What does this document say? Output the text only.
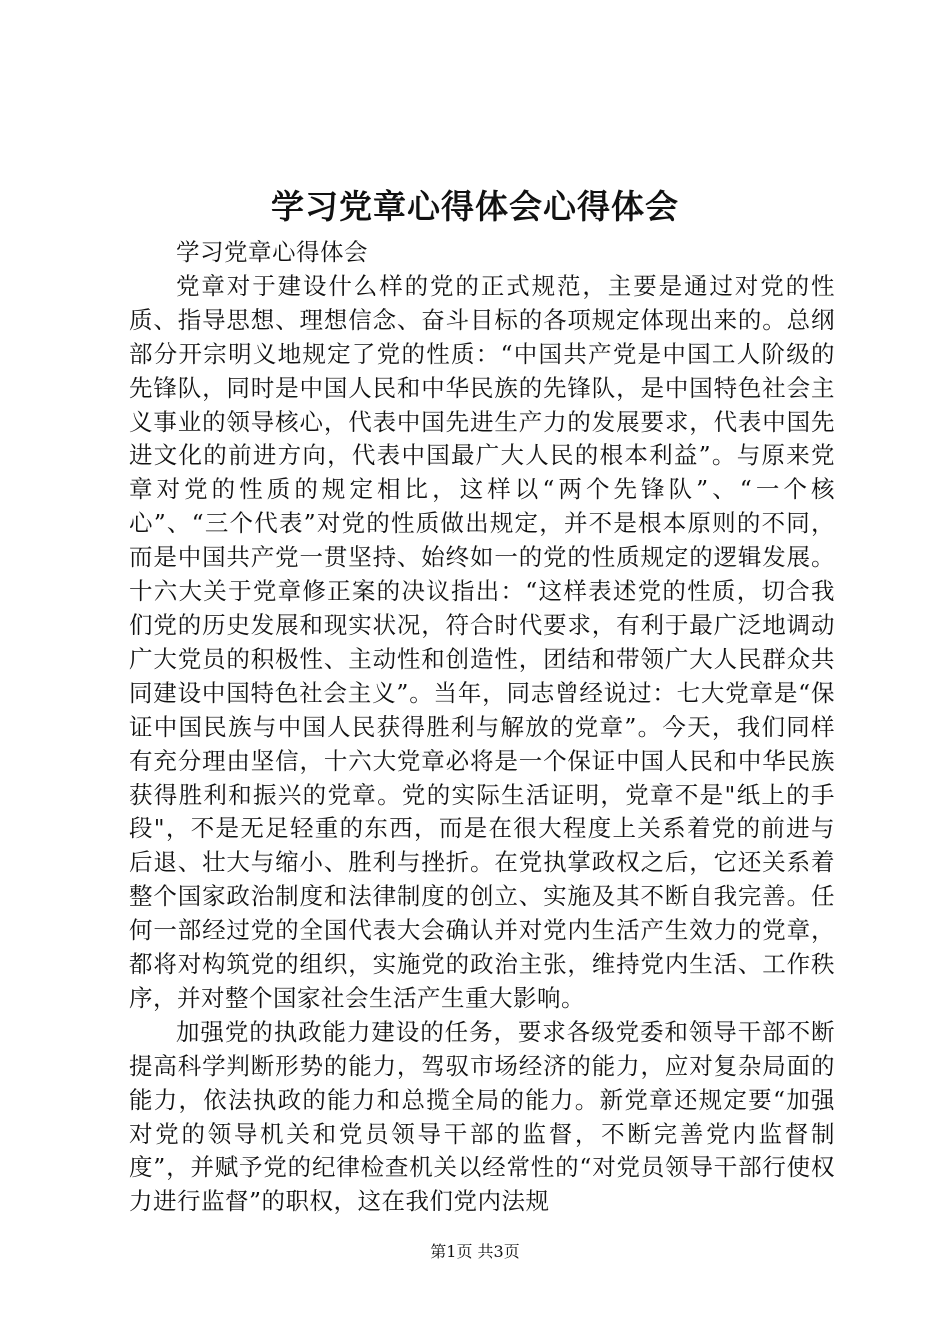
学习党章心得体会心得体会

学习党章心得体会

党章对于建设什么样的党的正式规范，主要是通过对党的性质、指导思想、理想信念、奋斗目标的各项规定体现出来的。总纲部分开宗明义地规定了党的性质：“中国共产党是中国工人阶级的先锋队，同时是中国人民和中华民族的先锋队，是中国特色社会主义事业的领导核心，代表中国先进生产力的发展要求，代表中国先进文化的前进方向，代表中国最广大人民的根本利益”。与原来党章对党的性质的规定相比，这样以“两个先锋队”、“一个核心”、“三个代表”对党的性质做出规定，并不是根本原则的不同，而是中国共产党一贯坚持、始终如一的党的性质规定的逻辑发展。十六大关于党章修正案的决议指出：“这样表述党的性质，切合我们党的历史发展和现实状况，符合时代要求，有利于最广泛地调动广大党员的积极性、主动性和创造性，团结和带领广大人民群众共同建设中国特色社会主义”。当年，同志曾经说过：七大党章是“保证中国民族与中国人民获得胜利与解放的党章”。今天，我们同样有充分理由坚信，十六大党章必将是一个保证中国人民和中华民族获得胜利和振兴的党章。党的实际生活证明，党章不是"纸上的手段"，不是无足轻重的东西，而是在很大程度上关系着党的前进与后退、壮大与缩小、胜利与挫折。在党执掌政权之后，它还关系着整个国家政治制度和法律制度的创立、实施及其不断自我完善。任何一部经过党的全国代表大会确认并对党内生活产生效力的党章，都将对构筑党的组织，实施党的政治主张，维持党内生活、工作秩序，并对整个国家社会生活产生重大影响。

加强党的执政能力建设的任务，要求各级党委和领导干部不断提高科学判断形势的能力，驾驭市场经济的能力，应对复杂局面的能力，依法执政的能力和总揽全局的能力。新党章还规定要“加强对党的领导机关和党员领导干部的监督，不断完善党内监督制度”，并赋予党的纪律检查机关以经常性的“对党员领导干部行使权力进行监督”的职权，这在我们党内法规

第1页 共3页
